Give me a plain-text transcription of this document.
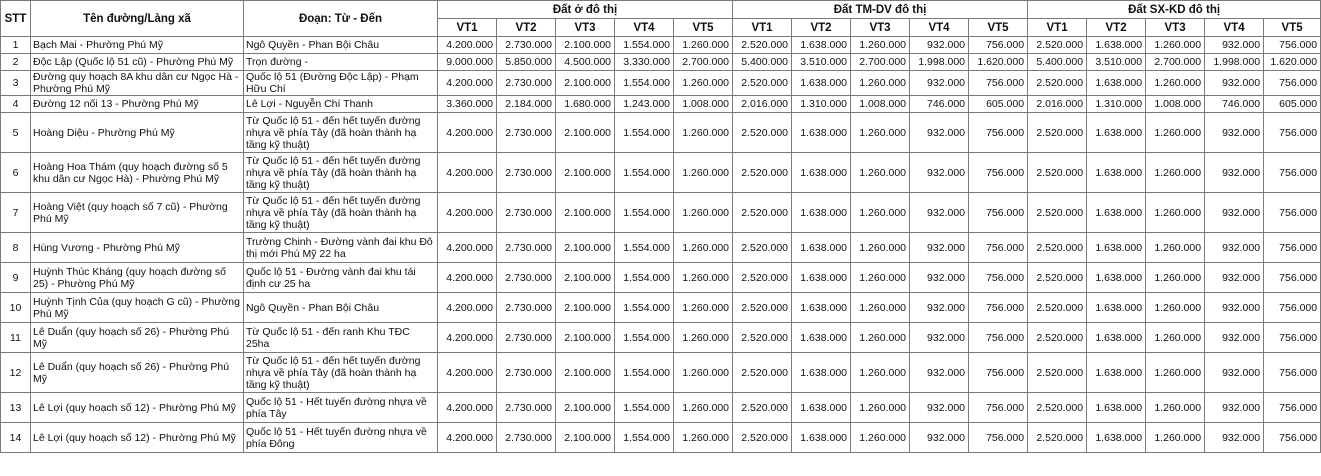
STT	Tên đường/Làng xã	Đoạn: Từ - Đến	Đất ở đô thị					Đất TM-DV đô thị					Đất SX-KD đô thị				
			VT1	VT2	VT3	VT4	VT5	VT1	VT2	VT3	VT4	VT5	VT1	VT2	VT3	VT4	VT5
1	Bạch Mai - Phường Phú Mỹ	Ngô Quyền - Phan Bội Châu	4.200.000	2.730.000	2.100.000	1.554.000	1.260.000	2.520.000	1.638.000	1.260.000	932.000	756.000	2.520.000	1.638.000	1.260.000	932.000	756.000
2	Độc Lập (Quốc lộ 51 cũ) - Phường Phú Mỹ	Trọn đường -	9.000.000	5.850.000	4.500.000	3.330.000	2.700.000	5.400.000	3.510.000	2.700.000	1.998.000	1.620.000	5.400.000	3.510.000	2.700.000	1.998.000	1.620.000
3	Đường quy hoạch 8A khu dân cư Ngọc Hà - Phường Phú Mỹ	Quốc lộ 51 (Đường Độc Lập) - Phạm Hữu Chí	4.200.000	2.730.000	2.100.000	1.554.000	1.260.000	2.520.000	1.638.000	1.260.000	932.000	756.000	2.520.000	1.638.000	1.260.000	932.000	756.000
4	Đường 12 nối 13 - Phường Phú Mỹ	Lê Lợi - Nguyễn Chí Thanh	3.360.000	2.184.000	1.680.000	1.243.000	1.008.000	2.016.000	1.310.000	1.008.000	746.000	605.000	2.016.000	1.310.000	1.008.000	746.000	605.000
5	Hoàng Diệu - Phường Phú Mỹ	Từ Quốc lộ 51 - đến hết tuyến đường nhựa về phía Tây (đã hoàn thành hạ tầng kỹ thuật)	4.200.000	2.730.000	2.100.000	1.554.000	1.260.000	2.520.000	1.638.000	1.260.000	932.000	756.000	2.520.000	1.638.000	1.260.000	932.000	756.000
6	Hoàng Hoa Thám (quy hoạch đường số 5 khu dân cư Ngọc Hà) - Phường Phú Mỹ	Từ Quốc lộ 51 - đến hết tuyến đường nhựa về phía Tây (đã hoàn thành hạ tầng kỹ thuật)	4.200.000	2.730.000	2.100.000	1.554.000	1.260.000	2.520.000	1.638.000	1.260.000	932.000	756.000	2.520.000	1.638.000	1.260.000	932.000	756.000
7	Hoàng Việt (quy hoạch số 7 cũ) - Phường Phú Mỹ	Từ Quốc lộ 51 - đến hết tuyến đường nhựa về phía Tây (đã hoàn thành hạ tầng kỹ thuật)	4.200.000	2.730.000	2.100.000	1.554.000	1.260.000	2.520.000	1.638.000	1.260.000	932.000	756.000	2.520.000	1.638.000	1.260.000	932.000	756.000
8	Hùng Vương - Phường Phú Mỹ	Trường Chinh - Đường vành đai khu Đô thị mới Phú Mỹ 22 ha	4.200.000	2.730.000	2.100.000	1.554.000	1.260.000	2.520.000	1.638.000	1.260.000	932.000	756.000	2.520.000	1.638.000	1.260.000	932.000	756.000
9	Huỳnh Thúc Kháng (quy hoạch đường số 25) - Phường Phú Mỹ	Quốc lộ 51 - Đường vành đai khu tái định cư 25 ha	4.200.000	2.730.000	2.100.000	1.554.000	1.260.000	2.520.000	1.638.000	1.260.000	932.000	756.000	2.520.000	1.638.000	1.260.000	932.000	756.000
10	Huỳnh Tịnh Của (quy hoạch G cũ) - Phường Phú Mỹ	Ngô Quyền - Phan Bội Châu	4.200.000	2.730.000	2.100.000	1.554.000	1.260.000	2.520.000	1.638.000	1.260.000	932.000	756.000	2.520.000	1.638.000	1.260.000	932.000	756.000
11	Lê Duẩn (quy hoạch số 26) - Phường Phú Mỹ	Từ Quốc lộ 51 - đến ranh Khu TĐC 25ha	4.200.000	2.730.000	2.100.000	1.554.000	1.260.000	2.520.000	1.638.000	1.260.000	932.000	756.000	2.520.000	1.638.000	1.260.000	932.000	756.000
12	Lê Duẩn (quy hoạch số 26) - Phường Phú Mỹ	Từ Quốc lộ 51 - đến hết tuyến đường nhựa về phía Tây (đã hoàn thành hạ tầng kỹ thuật)	4.200.000	2.730.000	2.100.000	1.554.000	1.260.000	2.520.000	1.638.000	1.260.000	932.000	756.000	2.520.000	1.638.000	1.260.000	932.000	756.000
13	Lê Lợi (quy hoạch số 12) - Phường Phú Mỹ	Quốc lộ 51 - Hết tuyến đường nhựa về phía Tây	4.200.000	2.730.000	2.100.000	1.554.000	1.260.000	2.520.000	1.638.000	1.260.000	932.000	756.000	2.520.000	1.638.000	1.260.000	932.000	756.000
14	Lê Lợi (quy hoạch số 12) - Phường Phú Mỹ	Quốc lộ 51 - Hết tuyến đường nhựa về phía Đông	4.200.000	2.730.000	2.100.000	1.554.000	1.260.000	2.520.000	1.638.000	1.260.000	932.000	756.000	2.520.000	1.638.000	1.260.000	932.000	756.000
